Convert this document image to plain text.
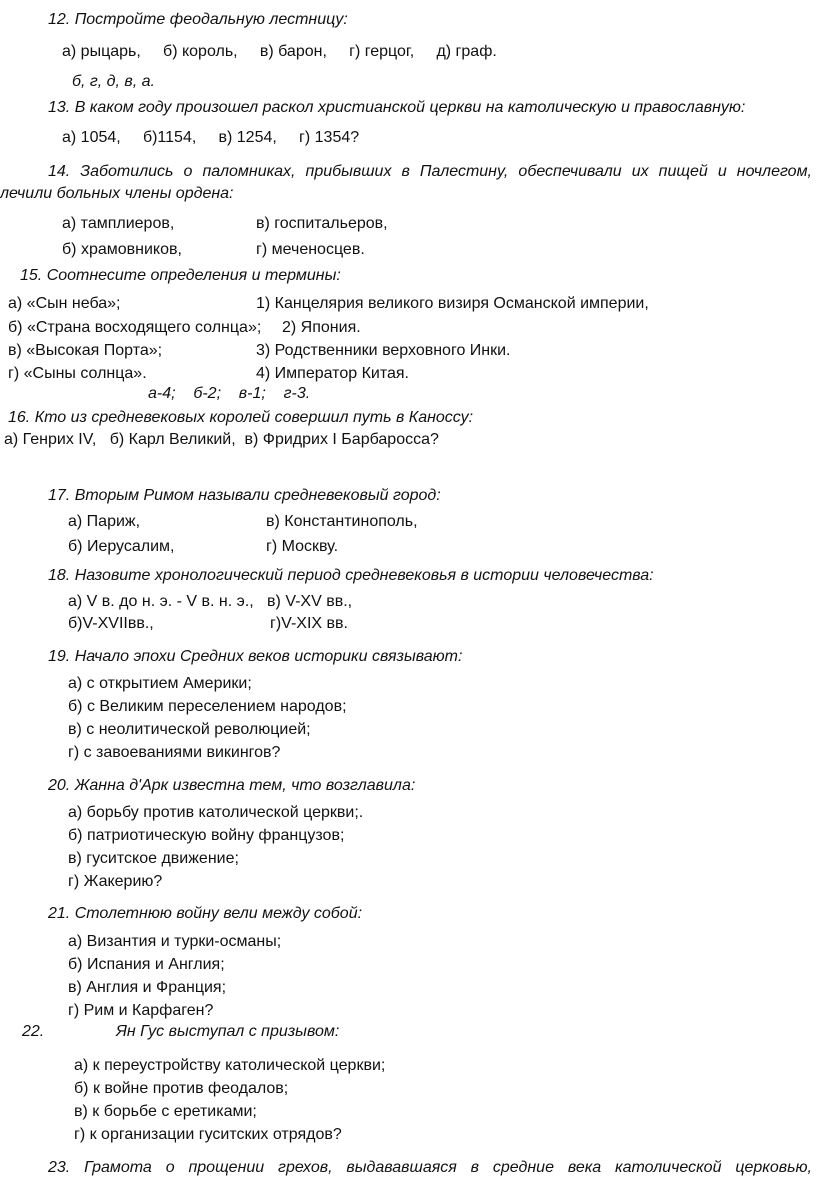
12. Постройте феодальную лестницу:
а) рыцарь,     б) король,     в) барон,     г) герцог,     д) граф.
б, г, д, в, а.
13. В каком году произошел раскол христианской церкви на католическую и православную:
а) 1054,     б)1154,     в) 1254,     г) 1354?
14. Заботились о паломниках, прибывших в Палестину, обеспечивали их пищей и ночлегом,
лечили больных члены ордена:
а) тамплиеров,	в) госпитальеров,
б) храмовников,	г) меченосцев.
15. Соотнесите определения и термины:
а) «Сын неба»;	1) Канцелярия великого визиря Османской империи,
б) «Страна восходящего солнца»; 2) Япония.
в) «Высокая Порта»;	3) Родственники верховного Инки.
г) «Сыны солнца».	4) Император Китая.
а-4;    б-2;    в-1;    г-3.
16. Кто из средневековых королей совершил путь в Каноссу:
а) Генрих IV,   б) Карл Великий,  в) Фридрих I Барбаросса?
17. Вторым Римом называли средневековый город:
а) Париж,	в) Константинополь,
б) Иерусалим,	г) Москву.
18. Назовите хронологический период средневековья в истории человечества:
а) V в. до н. э. - V в. н. э.,   в) V-XV вв.,
б)V-XVIIвв.,	г)V-XIX вв.
19. Начало эпохи Средних веков историки связывают:
а) с открытием Америки;
б) с Великим переселением народов;
в) с неолитической революцией;
г) с завоеваниями викингов?
20. Жанна д'Арк известна тем, что возглавила:
а) борьбу против католической церкви;.
б) патриотическую войну французов;
в) гуситское движение;
г) Жакерию?
21. Столетнюю войну вели между собой:
а) Византия и турки-османы;
б) Испания и Англия;
в) Англия и Франция;
г) Рим и Карфаген?
22.	Ян Гус выступал с призывом:
а) к переустройству католической церкви;
б) к войне против феодалов;
в) к борьбе с еретиками;
г) к организации гуситских отрядов?
23. Грамота о прощении грехов, выдававшаяся в средние века католической церковью,
